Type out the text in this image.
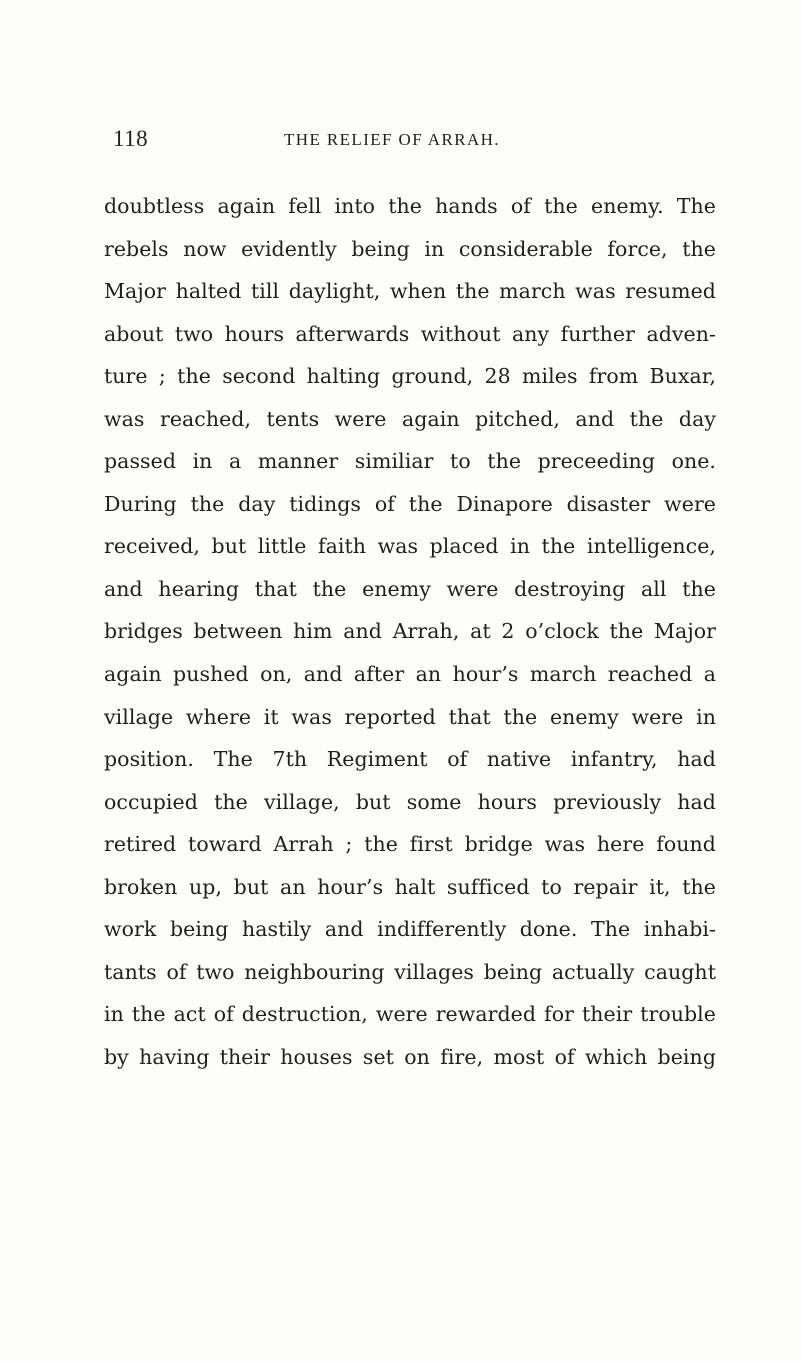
118	THE RELIEF OF ARRAH.
doubtless again fell into the hands of the enemy. The
rebels now evidently being in considerable force, the
Major halted till daylight, when the march was resumed
about two hours afterwards without any further adven-
ture ; the second halting ground, 28 miles from Buxar,
was reached, tents were again pitched, and the day
passed in a manner similiar to the preceeding one.
During the day tidings of the Dinapore disaster were
received, but little faith was placed in the intelligence,
and hearing that the enemy were destroying all the
bridges between him and Arrah, at 2 o’clock the Major
again pushed on, and after an hour’s march reached a
village where it was reported that the enemy were in
position. The 7th Regiment of native infantry, had
occupied the village, but some hours previously had
retired toward Arrah ; the first bridge was here found
broken up, but an hour’s halt sufficed to repair it, the
work being hastily and indifferently done. The inhabi-
tants of two neighbouring villages being actually caught
in the act of destruction, were rewarded for their trouble
by having their houses set on fire, most of which being
